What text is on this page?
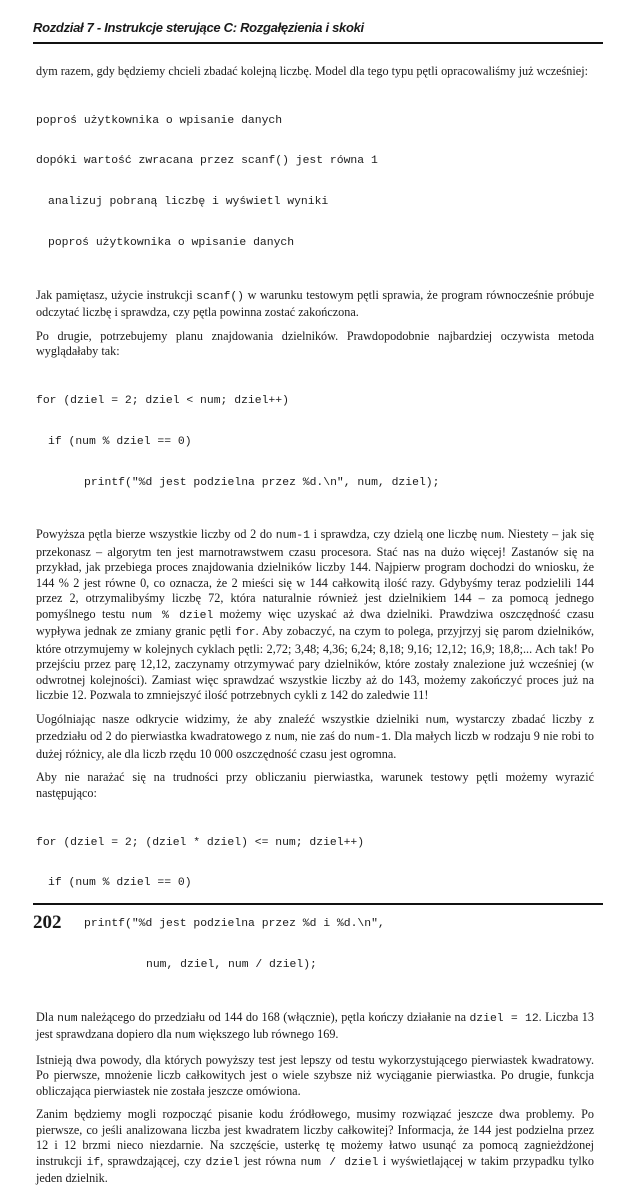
Rozdział 7 - Instrukcje sterujące C: Rozgałęzienia i skoki

dym razem, gdy będziemy chcieli zbadać kolejną liczbę. Model dla tego typu pętli opracowaliśmy już wcześniej:

poproś użytkownika o wpisanie danych

dopóki wartość zwracana przez scanf() jest równa 1

analizuj pobraną liczbę i wyświetl wyniki

poproś użytkownika o wpisanie danych

Jak pamiętasz, użycie instrukcji scanf() w warunku testowym pętli sprawia, że program równocześnie próbuje odczytać liczbę i sprawdza, czy pętla powinna zostać zakończona.

Po drugie, potrzebujemy planu znajdowania dzielników. Prawdopodobnie najbardziej oczywista metoda wyglądałaby tak:

for (dziel = 2; dziel < num; dziel++)

if (num % dziel == 0)

printf("%d jest podzielna przez %d.\n", num, dziel);

Powyższa pętla bierze wszystkie liczby od 2 do num-1 i sprawdza, czy dzielą one liczbę num. Niestety – jak się przekonasz – algorytm ten jest marnotrawstwem czasu procesora. Stać nas na dużo więcej! Zastanów się na przykład, jak przebiega proces znajdowania dzielników liczby 144. Najpierw program dochodzi do wniosku, że 144 % 2 jest równe 0, co oznacza, że 2 mieści się w 144 całkowitą ilość razy. Gdybyśmy teraz podzielili 144 przez 2, otrzymalibyśmy liczbę 72, która naturalnie również jest dzielnikiem 144 – za pomocą jednego pomyślnego testu num % dziel możemy więc uzyskać aż dwa dzielniki. Prawdziwa oszczędność czasu wypływa jednak ze zmiany granic pętli for. Aby zobaczyć, na czym to polega, przyjrzyj się parom dzielników, które otrzymujemy w kolejnych cyklach pętli: 2,72; 3,48; 4,36; 6,24; 8,18; 9,16; 12,12; 16,9; 18,8;... Ach tak! Po przejściu przez parę 12,12, zaczynamy otrzymywać pary dzielników, które zostały znalezione już wcześniej (w odwrotnej kolejności). Zamiast więc sprawdzać wszystkie liczby aż do 143, możemy zakończyć proces już na liczbie 12. Pozwala to zmniejszyć ilość potrzebnych cykli z 142 do zaledwie 11!

Uogólniając nasze odkrycie widzimy, że aby znaleźć wszystkie dzielniki num, wystarczy zbadać liczby z przedziału od 2 do pierwiastka kwadratowego z num, nie zaś do num-1. Dla małych liczb w rodzaju 9 nie robi to dużej różnicy, ale dla liczb rzędu 10 000 oszczędność czasu jest ogromna.

Aby nie narażać się na trudności przy obliczaniu pierwiastka, warunek testowy pętli możemy wyrazić następująco:

for (dziel = 2; (dziel * dziel) <= num; dziel++)

if (num % dziel == 0)

printf("%d jest podzielna przez %d i %d.\n",

num, dziel, num / dziel);

Dla num należącego do przedziału od 144 do 168 (włącznie), pętla kończy działanie na dziel = 12. Liczba 13 jest sprawdzana dopiero dla num większego lub równego 169.

Istnieją dwa powody, dla których powyższy test jest lepszy od testu wykorzystującego pierwiastek kwadratowy. Po pierwsze, mnożenie liczb całkowitych jest o wiele szybsze niż wyciąganie pierwiastka. Po drugie, funkcja obliczająca pierwiastek nie została jeszcze omówiona.

Zanim będziemy mogli rozpocząć pisanie kodu źródłowego, musimy rozwiązać jeszcze dwa problemy. Po pierwsze, co jeśli analizowana liczba jest kwadratem liczby całkowitej? Informacja, że 144 jest podzielna przez 12 i 12 brzmi nieco niezdarnie. Na szczęście, usterkę tę możemy łatwo usunąć za pomocą zagnieżdżonej instrukcji if, sprawdzającej, czy dziel jest równa num / dziel i wyświetlającej w takim przypadku tylko jeden dzielnik.

202
